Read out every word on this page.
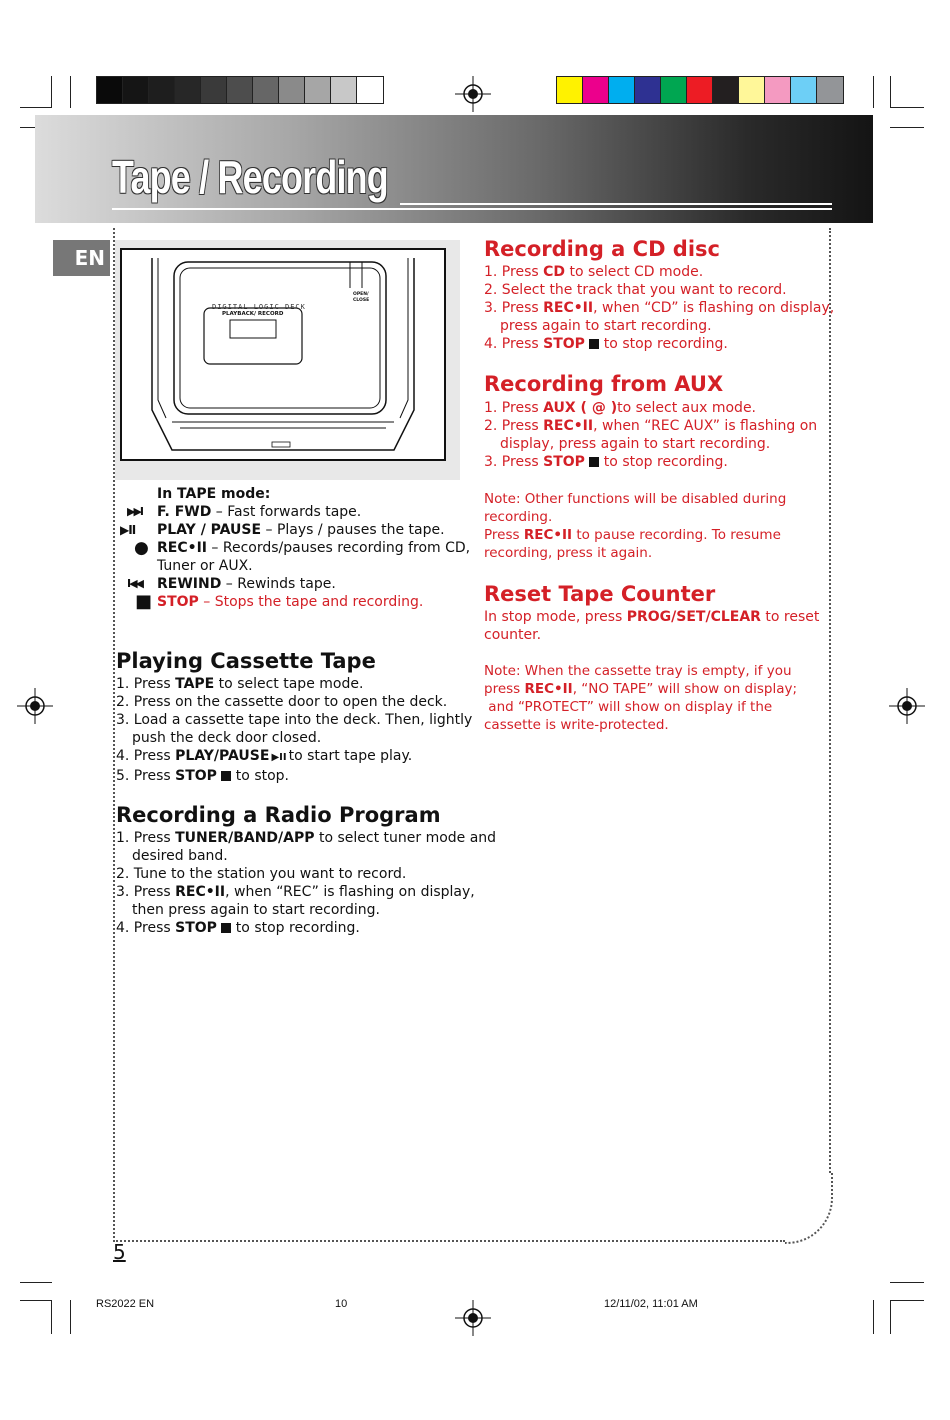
Tape / Recording
EN
DIGITAL LOGIC DECK
PLAYBACK/ RECORD
OPEN/ CLOSE
In TAPE mode:
▶▶I F. FWD – Fast forwards tape.
▶II PLAY / PAUSE – Plays / pauses the tape.
● REC•II – Records/pauses recording from CD,
Tuner or AUX.
I◀◀ REWIND – Rewinds tape.
■ STOP – Stops the tape and recording.
Playing Cassette Tape
1. Press TAPE to select tape mode.
2. Press on the cassette door to open the deck.
3. Load a cassette tape into the deck. Then, lightly
push the deck door closed.
4. Press PLAY/PAUSE ▶II to start tape play.
5. Press STOP  to stop.
Recording a Radio Program
1. Press TUNER/BAND/APP to select tuner mode and
desired band.
2. Tune to the station you want to record.
3. Press REC•II, when “REC” is flashing on display,
then press again to start recording.
4. Press STOP  to stop recording.
Recording a CD disc
1. Press CD to select CD mode.
2. Select the track that you want to record.
3. Press REC•II, when “CD” is flashing on display,
press again to start recording.
4. Press STOP  to stop recording.
Recording from AUX
1. Press AUX ( @ )to select aux mode.
2. Press REC•II, when “REC AUX” is flashing on
display, press again to start recording.
3. Press STOP  to stop recording.
Note: Other functions will be disabled during
recording.
Press REC•II to pause recording. To resume
recording, press it again.
Reset Tape Counter
In stop mode, press PROG/SET/CLEAR to reset
counter.
Note: When the cassette tray is empty, if you
press REC•II, “NO TAPE” will show on display;
and “PROTECT” will show on display if the
cassette is write-protected.
5
RS2022 EN	10	12/11/02, 11:01 AM
